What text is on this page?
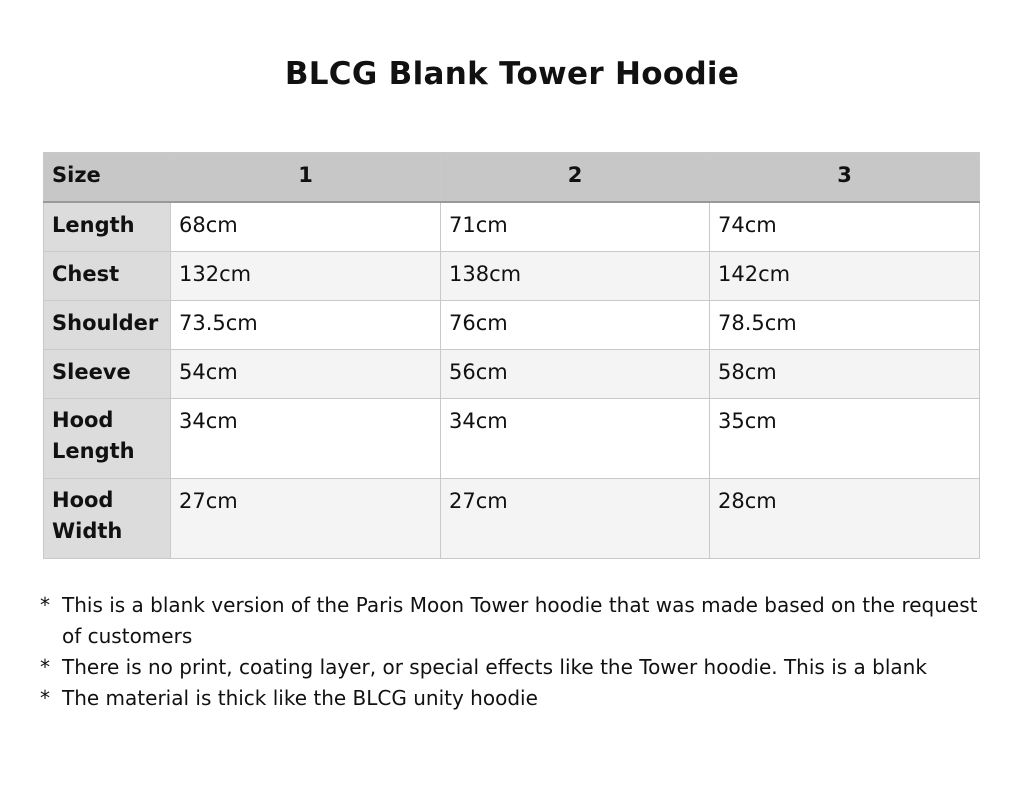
BLCG Blank Tower Hoodie
Size	1	2	3
Length	68cm	71cm	74cm
Chest	132cm	138cm	142cm
Shoulder	73.5cm	76cm	78.5cm
Sleeve	54cm	56cm	58cm
Hood Length	34cm	34cm	35cm
Hood Width	27cm	27cm	28cm
* This is a blank version of the Paris Moon Tower hoodie that was made based on the request of customers
* There is no print, coating layer, or special effects like the Tower hoodie. This is a blank
* The material is thick like the BLCG unity hoodie
